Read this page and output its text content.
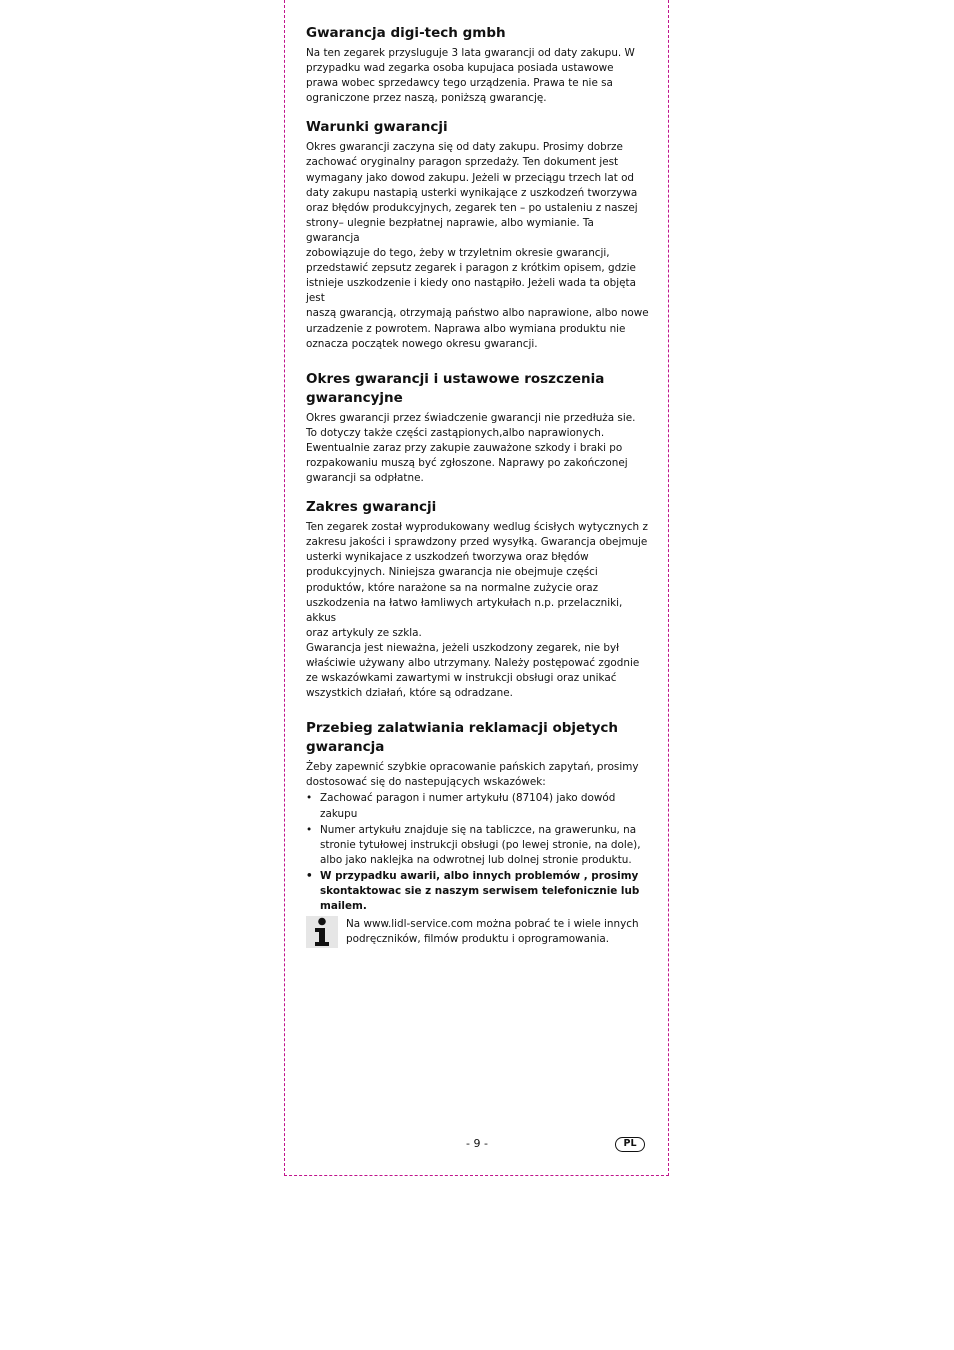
Gwarancja digi-tech gmbh

Na ten zegarek przysluguje 3 lata gwarancji od daty zakupu. W
przypadku wad zegarka osoba kupujaca posiada ustawowe
prawa wobec sprzedawcy tego urządzenia. Prawa te nie sa
ograniczone przez naszą, poniższą gwarancję.

Warunki gwarancji

Okres gwarancji zaczyna się od daty zakupu. Prosimy dobrze
zachować oryginalny paragon sprzedaży. Ten dokument jest
wymagany jako dowod zakupu. Jeżeli w przeciągu trzech lat od
daty zakupu nastapią usterki wynikające z uszkodzeń tworzywa
oraz błędów produkcyjnych, zegarek ten – po ustaleniu z naszej
strony– ulegnie bezpłatnej naprawie, albo wymianie. Ta gwarancja
zobowiązuje do tego, żeby w trzyletnim okresie gwarancji,
przedstawić zepsutz zegarek i paragon z krótkim opisem, gdzie
istnieje uszkodzenie i kiedy ono nastąpiło. Jeżeli wada ta objęta jest
naszą gwarancją, otrzymają państwo albo naprawione, albo nowe
urzadzenie z powrotem. Naprawa albo wymiana produktu nie
oznacza początek nowego okresu gwarancji.

Okres gwarancji i ustawowe roszczenia
gwarancyjne

Okres gwarancji przez świadczenie gwarancji nie przedłuża sie.
To dotyczy także części zastąpionych,albo naprawionych.
Ewentualnie zaraz przy zakupie zauważone szkody i braki po
rozpakowaniu muszą być zgłoszone. Naprawy po zakończonej
gwarancji sa odpłatne.

Zakres gwarancji

Ten zegarek został wyprodukowany wedlug ścisłych wytycznych z
zakresu jakości i sprawdzony przed wysyłką. Gwarancja obejmuje
usterki wynikajace z uszkodzeń tworzywa oraz błędów
produkcyjnych. Niniejsza gwarancja nie obejmuje części
produktów, które narażone sa na normalne zużycie oraz
uszkodzenia na łatwo łamliwych artykułach n.p. przelaczniki, akkus
oraz artykuly ze szkla.
Gwarancja jest nieważna, jeżeli uszkodzony zegarek, nie był
właściwie używany albo utrzymany. Należy postępować zgodnie
ze wskazówkami zawartymi w instrukcji obsługi oraz unikać
wszystkich działań, które są odradzane.

Przebieg zalatwiania reklamacji objetych
gwarancja

Żeby zapewnić szybkie opracowanie pańskich zapytań, prosimy
dostosować się do nastepujących wskazówek:

• Zachować paragon i numer artykułu (87104) jako dowód
zakupu
• Numer artykułu znajduje się na tabliczce, na grawerunku, na
stronie tytułowej instrukcji obsługi (po lewej stronie, na dole),
albo jako naklejka na odwrotnej lub dolnej stronie produktu.
• W przypadku awarii, albo innych problemów , prosimy
skontaktowac sie z naszym serwisem telefonicznie lub
mailem.
Na www.lidl-service.com można pobrać te i wiele innych
podręczników, filmów produktu i oprogramowania.
- 9 -	PL
